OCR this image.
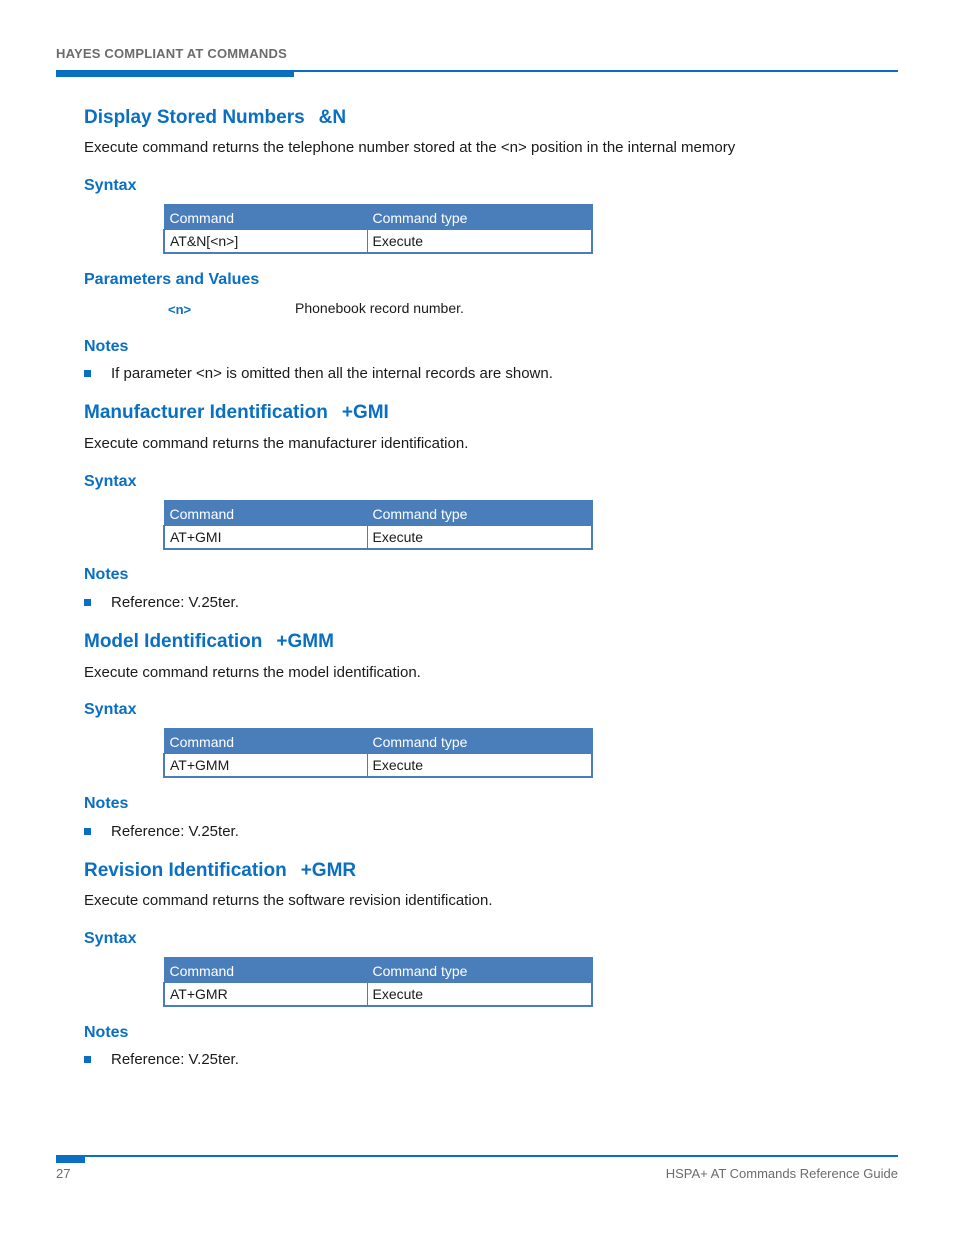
HAYES COMPLIANT AT COMMANDS
Display Stored Numbers &N
Execute command returns the telephone number stored at the <n> position in the internal memory
Syntax
Command	Command type
AT&N[<n>]	Execute
Parameters and Values
<n>	Phonebook record number.
Notes
If parameter <n> is omitted then all the internal records are shown.
Manufacturer Identification +GMI
Execute command returns the manufacturer identification.
Syntax
Command	Command type
AT+GMI	Execute
Notes
Reference: V.25ter.
Model Identification +GMM
Execute command returns the model identification.
Syntax
Command	Command type
AT+GMM	Execute
Notes
Reference: V.25ter.
Revision Identification +GMR
Execute command returns the software revision identification.
Syntax
Command	Command type
AT+GMR	Execute
Notes
Reference: V.25ter.
27	HSPA+ AT Commands Reference Guide
